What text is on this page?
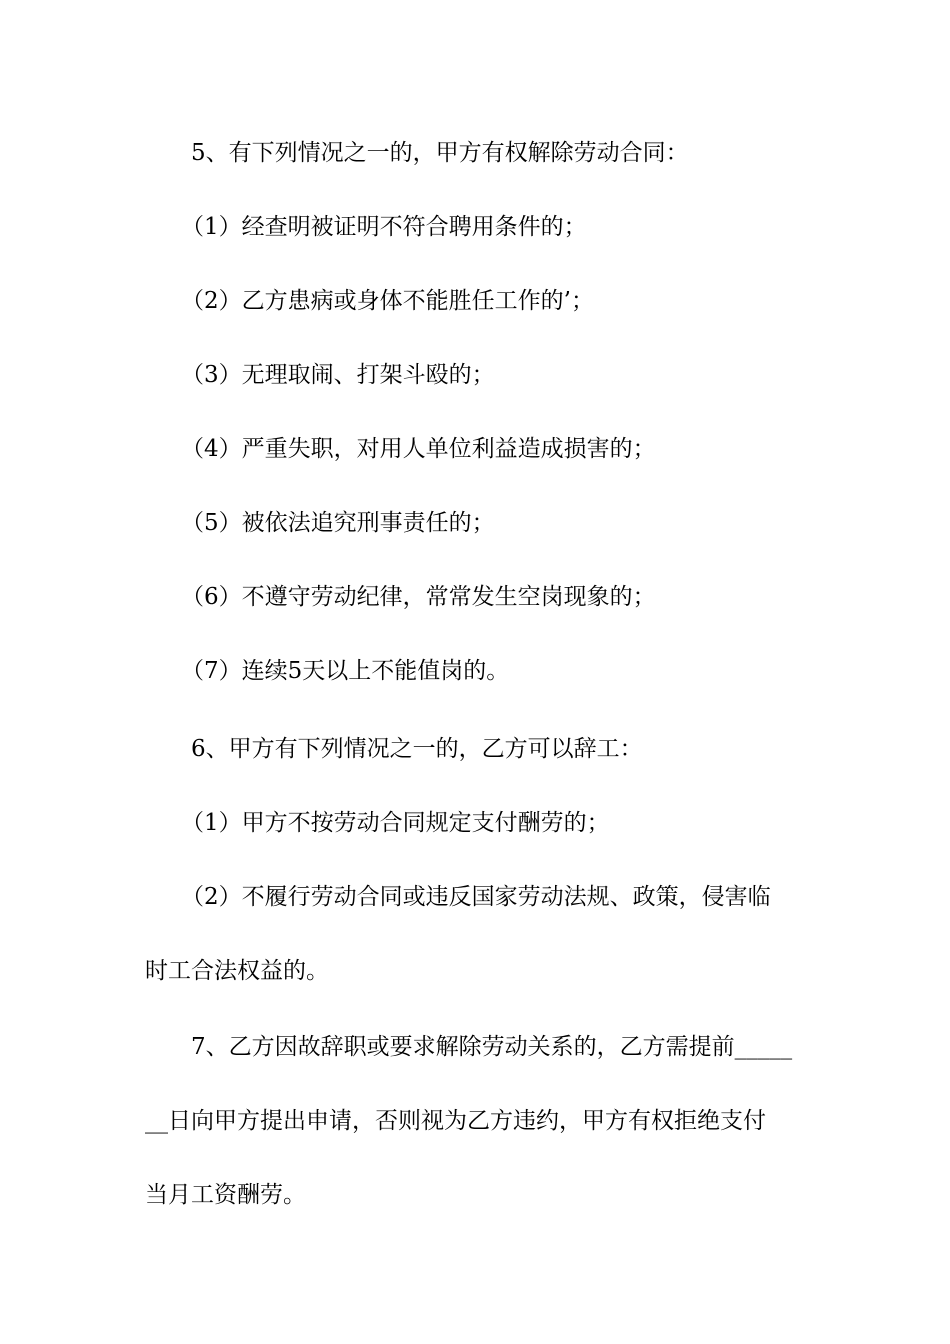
5、有下列情况之一的，甲方有权解除劳动合同：
（1）经查明被证明不符合聘用条件的；
（2）乙方患病或身体不能胜任工作的’；
（3）无理取闹、打架斗殴的；
（4）严重失职，对用人单位利益造成损害的；
（5）被依法追究刑事责任的；
（6）不遵守劳动纪律，常常发生空岗现象的；
（7）连续5天以上不能值岗的。
6、甲方有下列情况之一的，乙方可以辞工：
（1）甲方不按劳动合同规定支付酬劳的；
（2）不履行劳动合同或违反国家劳动法规、政策，侵害临
时工合法权益的。
7、乙方因故辞职或要求解除劳动关系的，乙方需提前_____
__日向甲方提出申请，否则视为乙方违约，甲方有权拒绝支付
当月工资酬劳。
